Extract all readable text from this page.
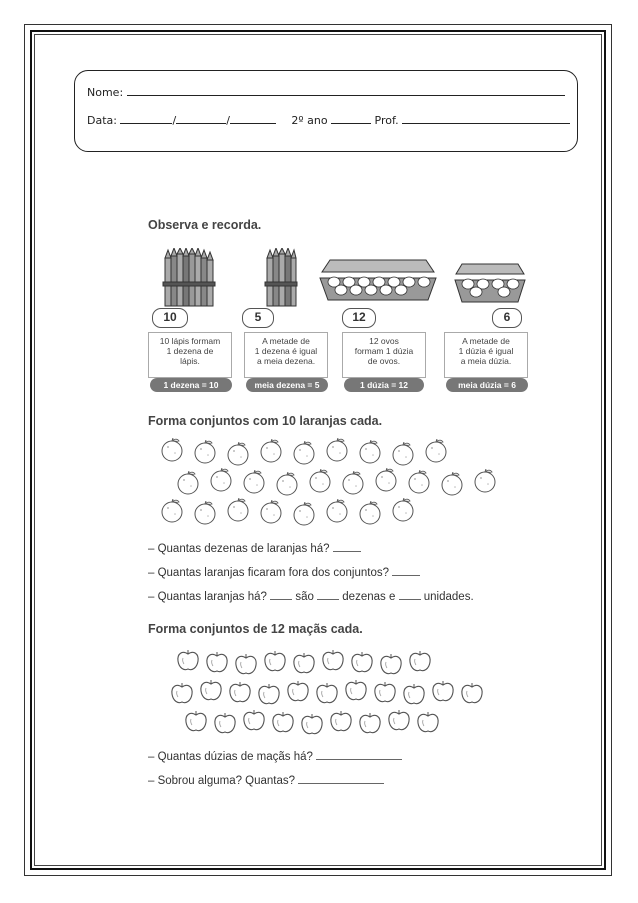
Nome:
Data:	/	/	2º ano	Prof.
Observa e recorda.
10
10 lápis formam
1 dezena de
lápis.
1 dezena = 10
5
A metade de
1 dezena é igual
a meia dezena.
meia dezena = 5
12
12 ovos
formam 1 dúzia
de ovos.
1 dúzia = 12
6
A metade de
1 dúzia é igual
a meia dúzia.
meia dúzia = 6
Forma conjuntos com 10 laranjas cada.
– Quantas dezenas de laranjas há?
– Quantas laranjas ficaram fora dos conjuntos?
– Quantas laranjas há? são dezenas e unidades.
Forma conjuntos de 12 maçãs cada.
– Quantas dúzias de maçãs há?
– Sobrou alguma? Quantas?
